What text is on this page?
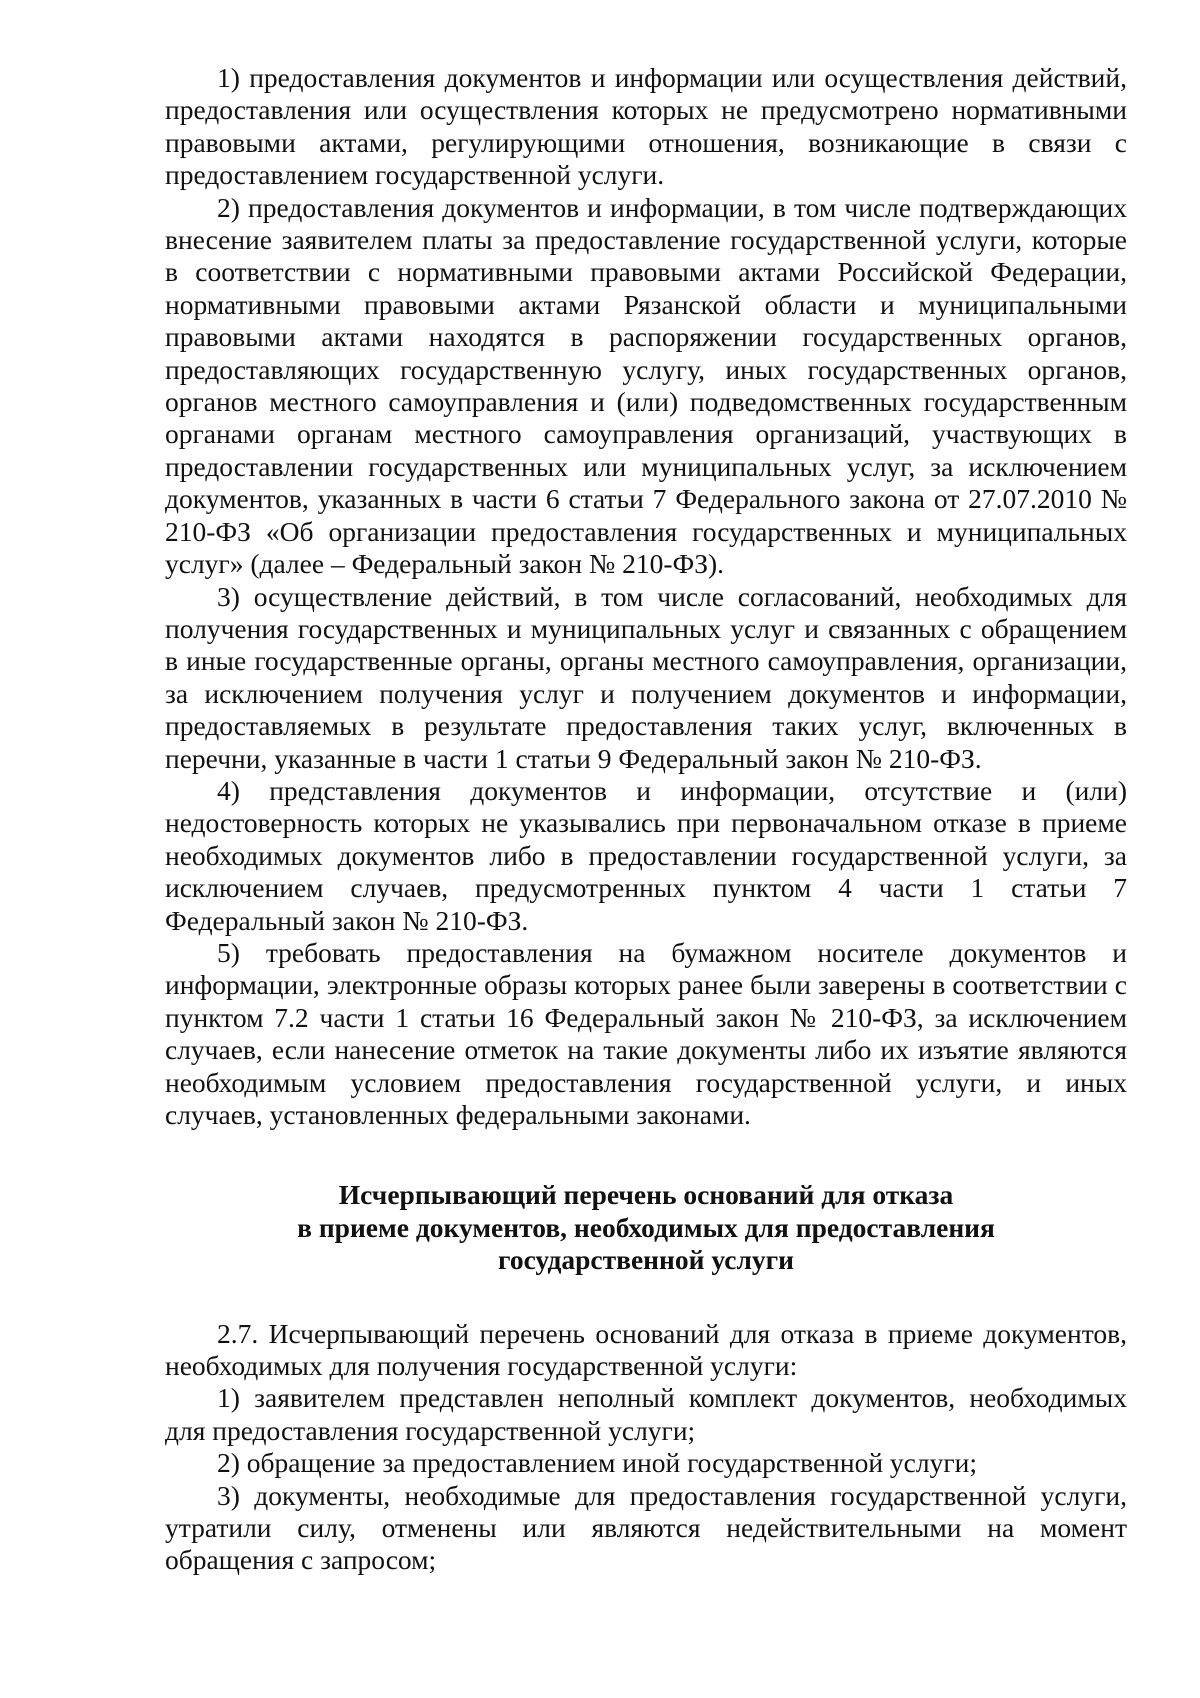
1) предоставления документов и информации или осуществления действий, предоставления или осуществления которых не предусмотрено нормативными правовыми актами, регулирующими отношения, возникающие в связи с предоставлением государственной услуги.

2) предоставления документов и информации, в том числе подтверждающих внесение заявителем платы за предоставление государственной услуги, которые в соответствии с нормативными правовыми актами Российской Федерации, нормативными правовыми актами Рязанской области и муниципальными правовыми актами находятся в распоряжении государственных органов, предоставляющих государственную услугу, иных государственных органов, органов местного самоуправления и (или) подведомственных государственным органами органам местного самоуправления организаций, участвующих в предоставлении государственных или муниципальных услуг, за исключением документов, указанных в части 6 статьи 7 Федерального закона от 27.07.2010 № 210-ФЗ «Об организации предоставления государственных и муниципальных услуг» (далее – Федеральный закон № 210-ФЗ).

3) осуществление действий, в том числе согласований, необходимых для получения государственных и муниципальных услуг и связанных с обращением в иные государственные органы, органы местного самоуправления, организации, за исключением получения услуг и получением документов и информации, предоставляемых в результате предоставления таких услуг, включенных в перечни, указанные в части 1 статьи 9 Федеральный закон № 210-ФЗ.

4) представления документов и информации, отсутствие и (или) недостоверность которых не указывались при первоначальном отказе в приеме необходимых документов либо в предоставлении государственной услуги, за исключением случаев, предусмотренных пунктом 4 части 1 статьи 7 Федеральный закон № 210-ФЗ.

5) требовать предоставления на бумажном носителе документов и информации, электронные образы которых ранее были заверены в соответствии с пунктом 7.2 части 1 статьи 16 Федеральный закон № 210-ФЗ, за исключением случаев, если нанесение отметок на такие документы либо их изъятие являются необходимым условием предоставления государственной услуги, и иных случаев, установленных федеральными законами.

Исчерпывающий перечень оснований для отказа
в приеме документов, необходимых для предоставления
государственной услуги

2.7. Исчерпывающий перечень оснований для отказа в приеме документов, необходимых для получения государственной услуги:

1) заявителем представлен неполный комплект документов, необходимых для предоставления государственной услуги;

2) обращение за предоставлением иной государственной услуги;

3) документы, необходимые для предоставления государственной услуги, утратили силу, отменены или являются недействительными на момент обращения с запросом;
